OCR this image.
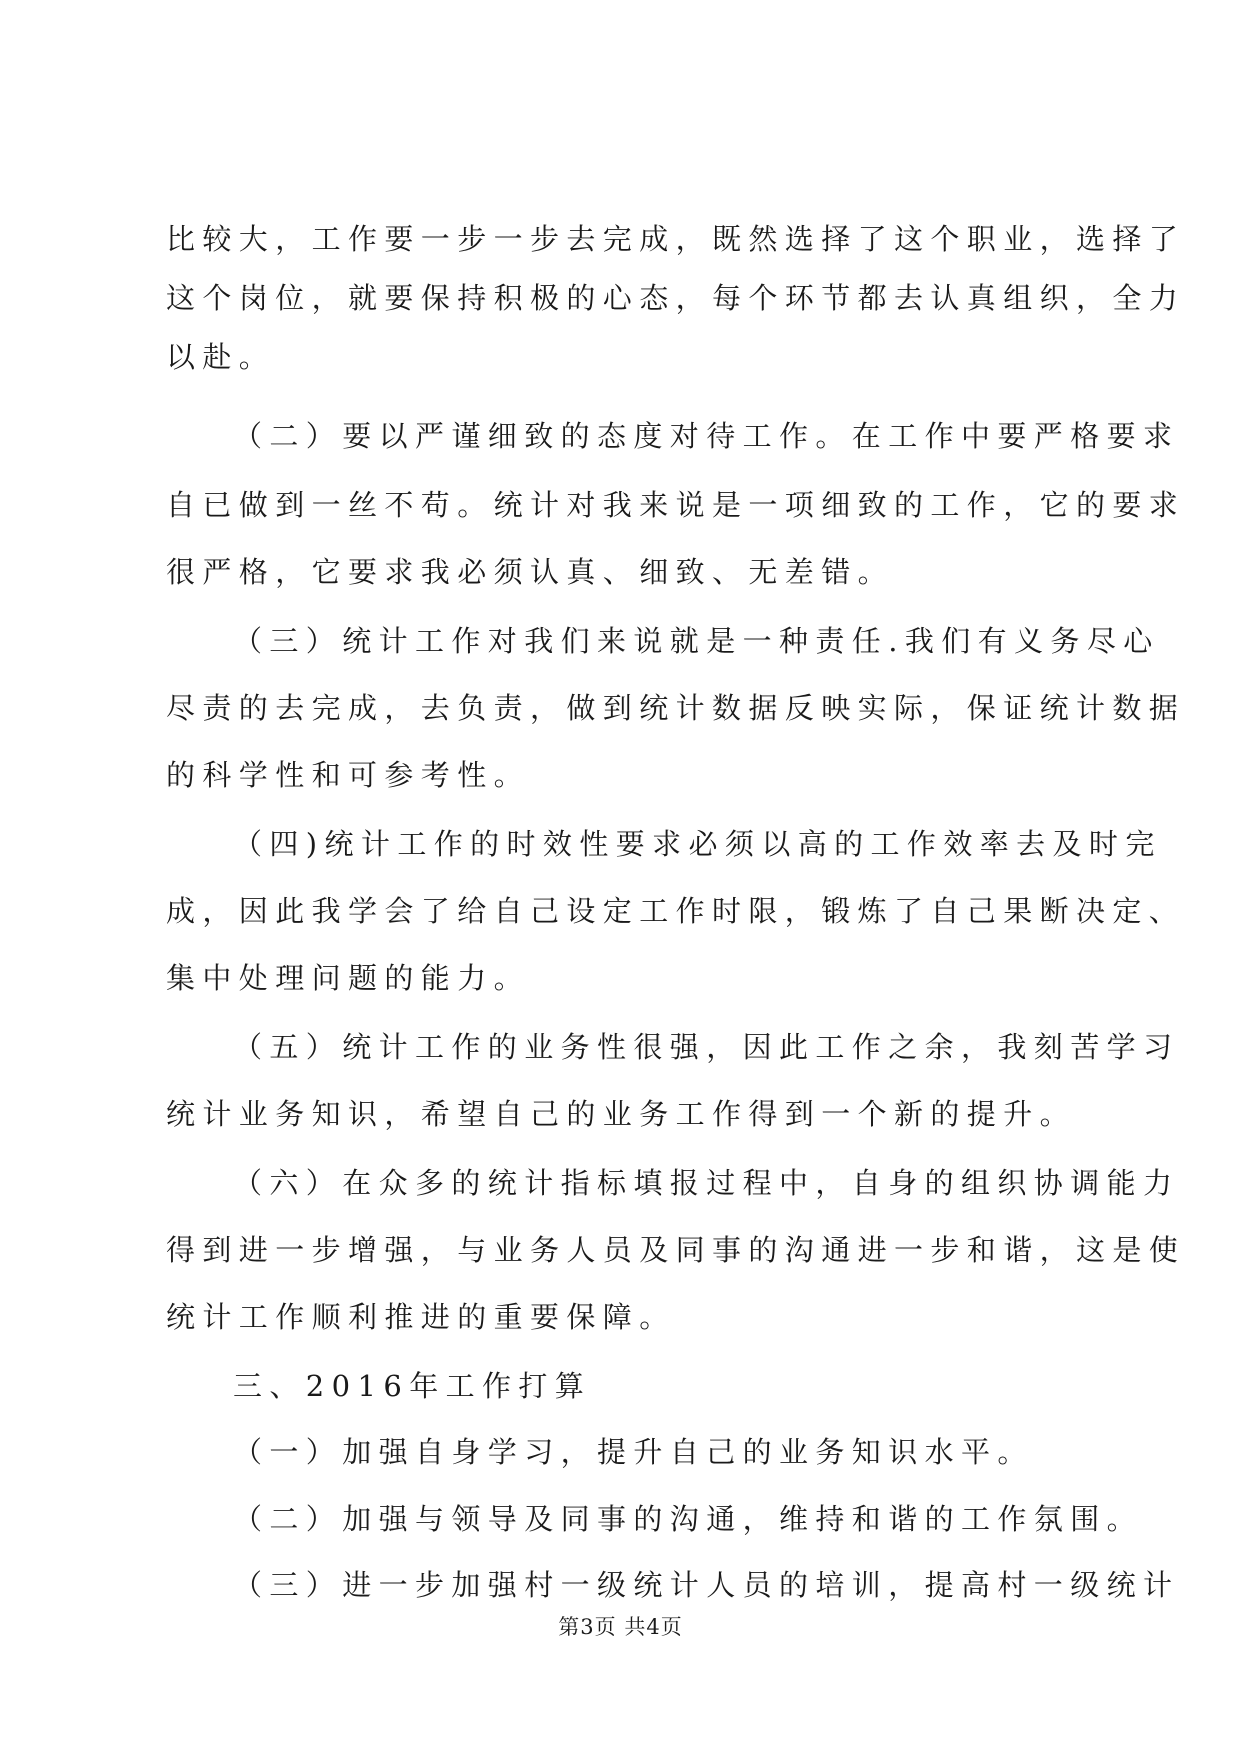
比较大，工作要一步一步去完成，既然选择了这个职业，选择了
这个岗位，就要保持积极的心态，每个环节都去认真组织，全力
以赴。
（二）要以严谨细致的态度对待工作。在工作中要严格要求
自已做到一丝不苟。统计对我来说是一项细致的工作，它的要求
很严格，它要求我必须认真、细致、无差错。
（三）统计工作对我们来说就是一种责任.我们有义务尽心
尽责的去完成，去负责，做到统计数据反映实际，保证统计数据
的科学性和可参考性。
（四)统计工作的时效性要求必须以高的工作效率去及时完
成，因此我学会了给自己设定工作时限，锻炼了自己果断决定、
集中处理问题的能力。
（五）统计工作的业务性很强，因此工作之余，我刻苦学习
统计业务知识，希望自己的业务工作得到一个新的提升。
（六）在众多的统计指标填报过程中，自身的组织协调能力
得到进一步增强，与业务人员及同事的沟通进一步和谐，这是使
统计工作顺利推进的重要保障。
三、2016年工作打算
（一）加强自身学习，提升自己的业务知识水平。
（二）加强与领导及同事的沟通，维持和谐的工作氛围。
（三）进一步加强村一级统计人员的培训，提高村一级统计
第3页 共4页
